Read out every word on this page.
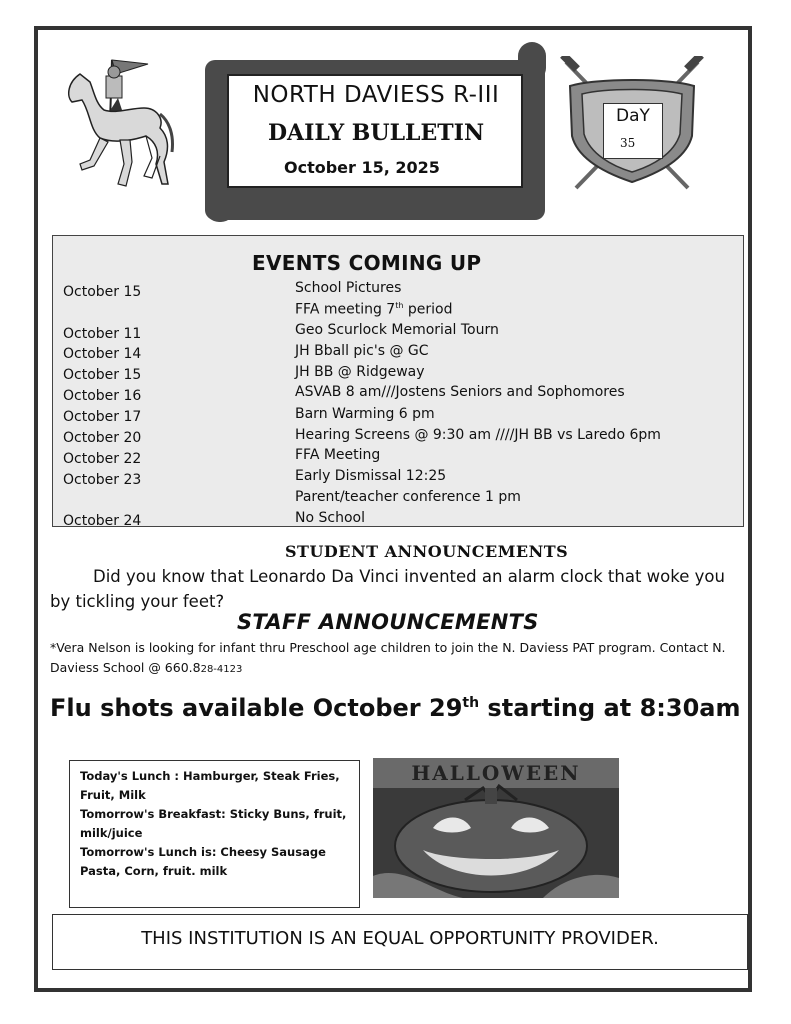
NORTH DAVIESS R-III
DAILY BULLETIN
October 15, 2025
DaY
35
EVENTS COMING UP
October 15	School Pictures
FFA meeting 7th period
October 11	Geo Scurlock Memorial Tourn
October 14	JH Bball pic's @ GC
October 15	JH BB @ Ridgeway
October 16	ASVAB 8 am///Jostens Seniors and Sophomores
October 17	Barn Warming 6 pm
October 20	Hearing Screens @ 9:30 am ////JH BB vs Laredo 6pm
October 22	FFA Meeting
October 23	Early Dismissal 12:25
Parent/teacher conference 1 pm
October 24	No School
STUDENT ANNOUNCEMENTS
Did you know that Leonardo Da Vinci invented an alarm clock that woke you by tickling your feet?
STAFF ANNOUNCEMENTS
*Vera Nelson is looking for infant thru Preschool age children to join the N. Daviess PAT program. Contact N. Daviess School @ 660.828-4123
Flu shots available October 29th starting at 8:30am
Today's Lunch : Hamburger, Steak Fries, Fruit, Milk
Tomorrow's Breakfast: Sticky Buns, fruit, milk/juice
Tomorrow's Lunch is: Cheesy Sausage Pasta, Corn, fruit. milk
HALLOWEEN
THIS INSTITUTION IS AN EQUAL OPPORTUNITY PROVIDER.
